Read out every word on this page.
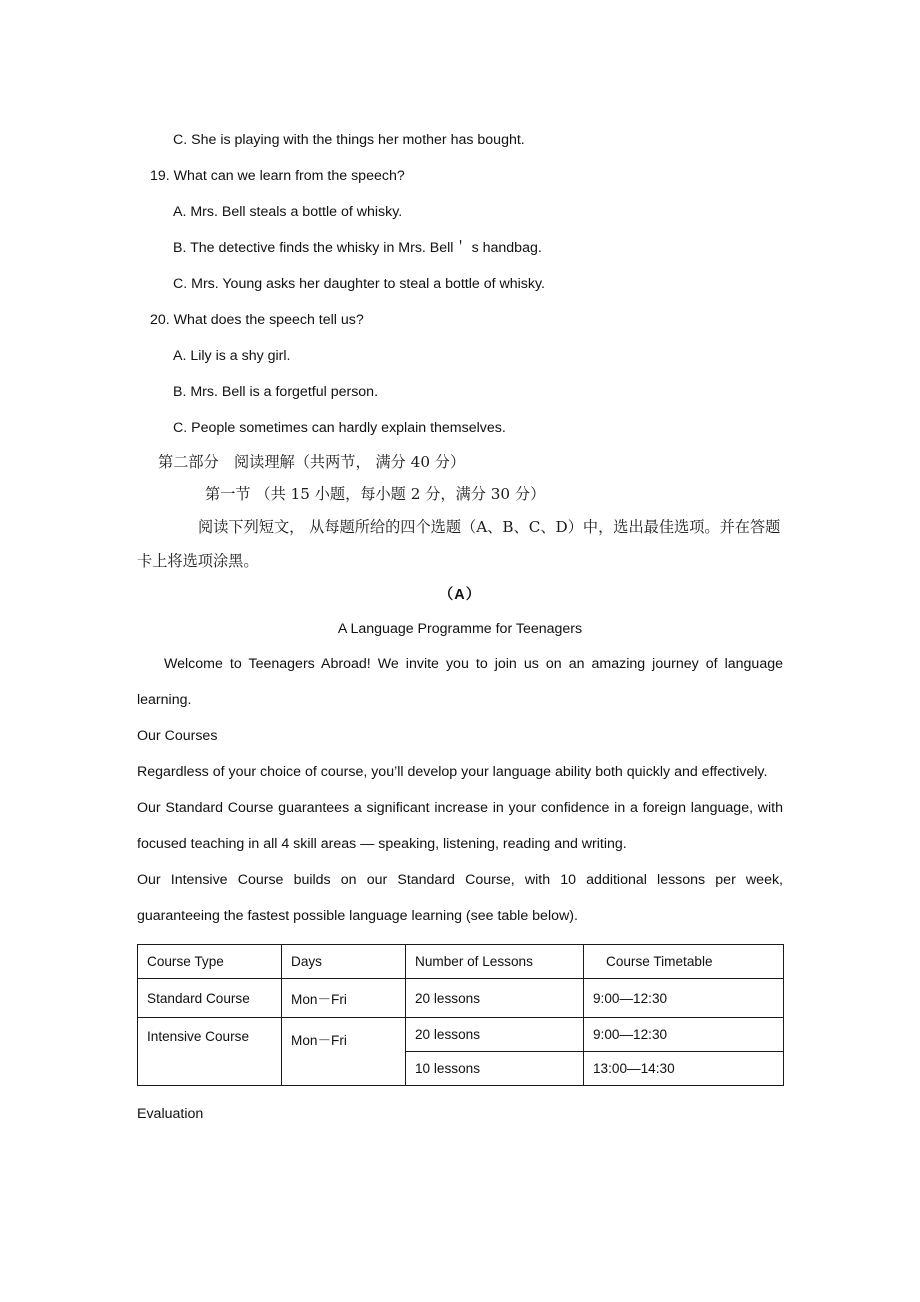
C. She is playing with the things her mother has bought.

19. What can we learn from the speech?

A. Mrs. Bell steals a bottle of whisky.

B. The detective finds the whisky in Mrs. Bell＇ s handbag.

C. Mrs. Young asks her daughter to steal a bottle of whisky.

20. What does the speech tell us?

A. Lily is a shy girl.

B. Mrs. Bell is a forgetful person.

C. People sometimes can hardly explain themselves.

第二部分　阅读理解（共两节， 满分 40 分）

第一节 （共 15 小题，每小题 2 分，满分 30 分）

阅读下列短文， 从每题所给的四个选题（A、B、C、D）中，选出最佳选项。并在答题卡上将选项涂黑。

（A）

A Language Programme for Teenagers

Welcome to Teenagers Abroad! We invite you to join us on an amazing journey of language learning.

Our Courses

Regardless of your choice of course, you’ll develop your language ability both quickly and effectively.

Our Standard Course guarantees a significant increase in your confidence in a foreign language, with focused teaching in all 4 skill areas — speaking, listening, reading and writing.

Our Intensive Course builds on our Standard Course, with 10 additional lessons per week, guaranteeing the fastest possible language learning (see table below).

Course Type	Days	Number of Lessons	Course Timetable
Standard Course	Mon－Fri	20 lessons	9:00—12:30
Intensive Course	Mon－Fri	20 lessons	9:00—12:30
		10 lessons	13:00—14:30

Evaluation
